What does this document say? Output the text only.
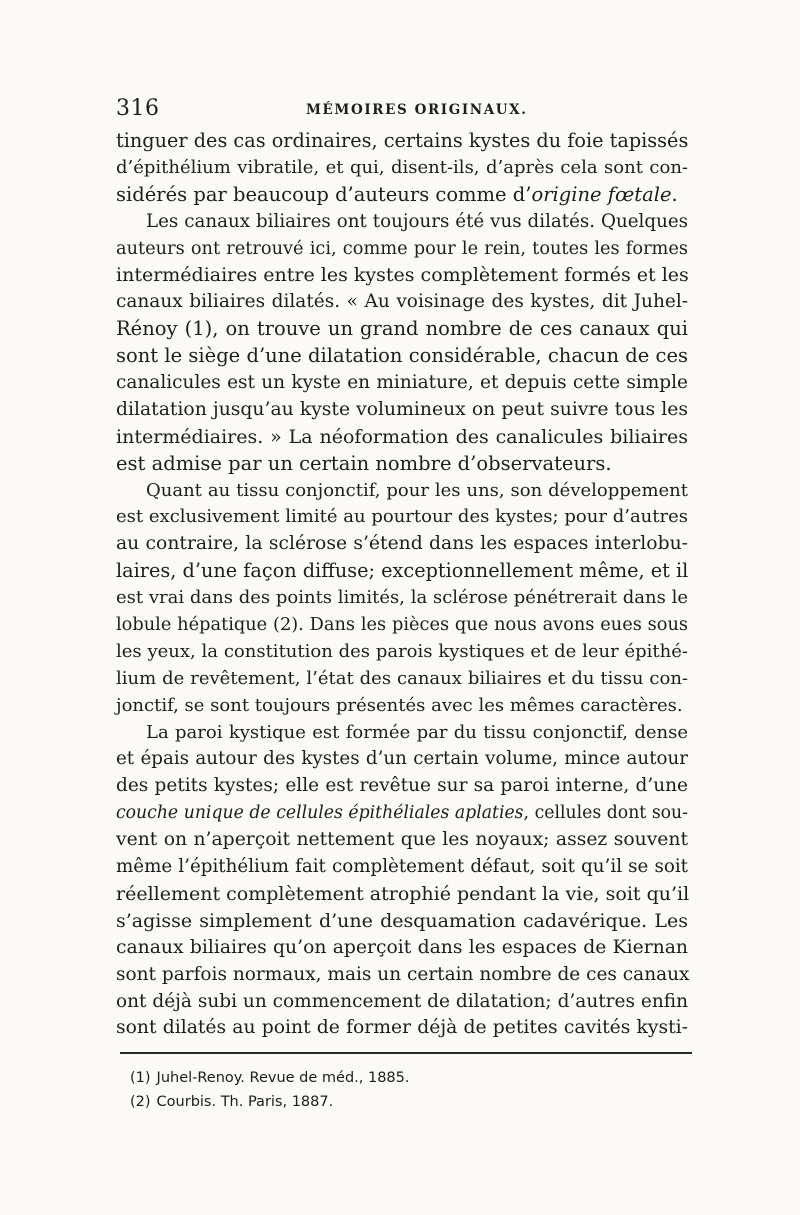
316	MÉMOIRES ORIGINAUX.
tinguer des cas ordinaires, certains kystes du foie tapissés
d’épithélium vibratile, et qui, disent-ils, d’après cela sont con-
sidérés par beaucoup d’auteurs comme d’origine fœtale.
Les canaux biliaires ont toujours été vus dilatés. Quelques
auteurs ont retrouvé ici, comme pour le rein, toutes les formes
intermédiaires entre les kystes complètement formés et les
canaux biliaires dilatés. « Au voisinage des kystes, dit Juhel-
Rénoy (1), on trouve un grand nombre de ces canaux qui
sont le siège d’une dilatation considérable, chacun de ces
canalicules est un kyste en miniature, et depuis cette simple
dilatation jusqu’au kyste volumineux on peut suivre tous les
intermédiaires. » La néoformation des canalicules biliaires
est admise par un certain nombre d’observateurs.
Quant au tissu conjonctif, pour les uns, son développement
est exclusivement limité au pourtour des kystes; pour d’autres
au contraire, la sclérose s’étend dans les espaces interlobu-
laires, d’une façon diffuse; exceptionnellement même, et il
est vrai dans des points limités, la sclérose pénétrerait dans le
lobule hépatique (2). Dans les pièces que nous avons eues sous
les yeux, la constitution des parois kystiques et de leur épithé-
lium de revêtement, l’état des canaux biliaires et du tissu con-
jonctif, se sont toujours présentés avec les mêmes caractères.
La paroi kystique est formée par du tissu conjonctif, dense
et épais autour des kystes d’un certain volume, mince autour
des petits kystes; elle est revêtue sur sa paroi interne, d’une
couche unique de cellules épithéliales aplaties, cellules dont sou-
vent on n’aperçoit nettement que les noyaux; assez souvent
même l’épithélium fait complètement défaut, soit qu’il se soit
réellement complètement atrophié pendant la vie, soit qu’il
s’agisse simplement d’une desquamation cadavérique. Les
canaux biliaires qu’on aperçoit dans les espaces de Kiernan
sont parfois normaux, mais un certain nombre de ces canaux
ont déjà subi un commencement de dilatation; d’autres enfin
sont dilatés au point de former déjà de petites cavités kysti-
(1) Juhel-Renoy. Revue de méd., 1885.
(2) Courbis. Th. Paris, 1887.
